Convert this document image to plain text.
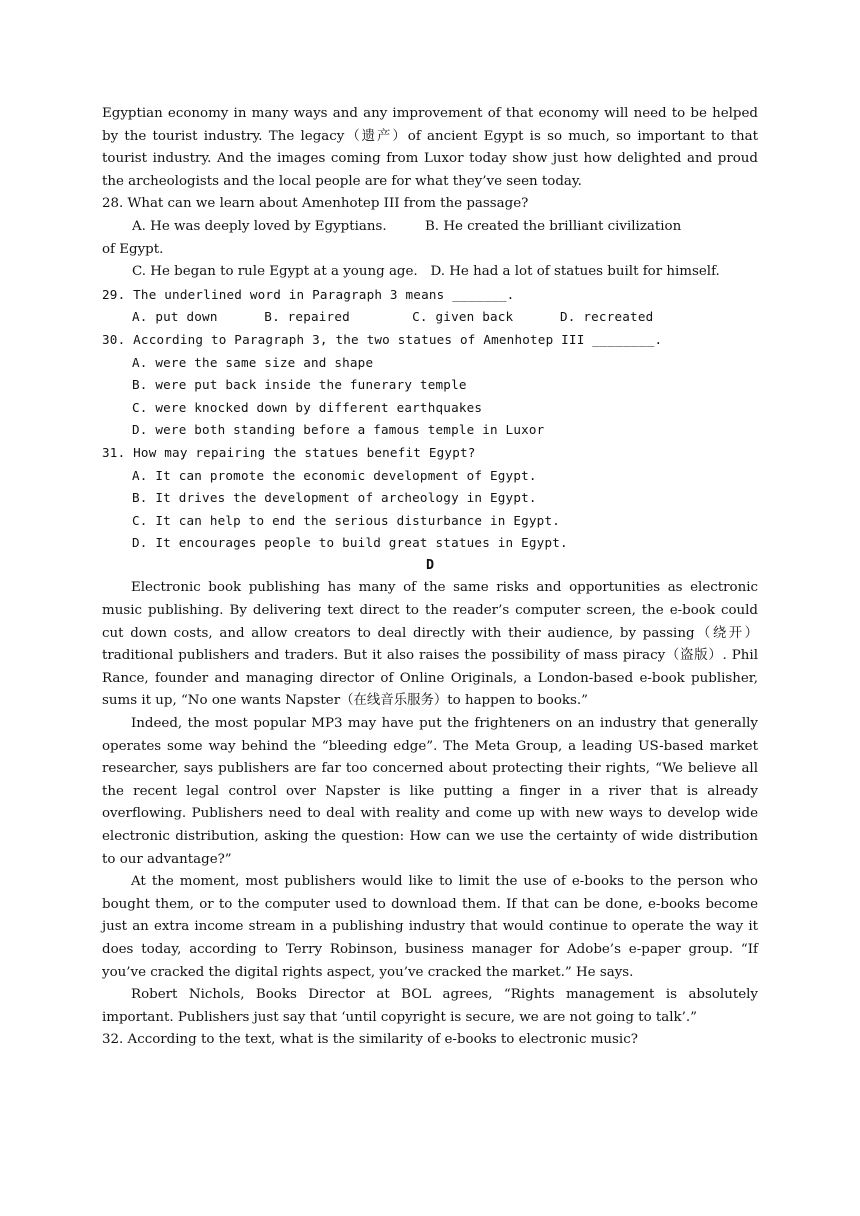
Egyptian economy in many ways and any improvement of that economy will need to be helped by the tourist industry. The legacy（遗产）of ancient Egypt is so much, so important to that tourist industry. And the images coming from Luxor today show just how delighted and proud the archeologists and the local people are for what they’ve seen today.

28. What can we learn about Amenhotep III from the passage?

A. He was deeply loved by Egyptians.         B. He created the brilliant civilization

of Egypt.

C. He began to rule Egypt at a young age.   D. He had a lot of statues built for himself.

29. The underlined word in Paragraph 3 means _______.

A. put down      B. repaired        C. given back      D. recreated

30. According to Paragraph 3, the two statues of Amenhotep III ________.

A. were the same size and shape

B. were put back inside the funerary temple

C. were knocked down by different earthquakes

D. were both standing before a famous temple in Luxor

31. How may repairing the statues benefit Egypt?

A. It can promote the economic development of Egypt.

B. It drives the development of archeology in Egypt.

C. It can help to end the serious disturbance in Egypt.

D. It encourages people to build great statues in Egypt.

D

Electronic book publishing has many of the same risks and opportunities as electronic music publishing. By delivering text direct to the reader’s computer screen, the e-book could cut down costs, and allow creators to deal directly with their audience, by passing（绕开）traditional publishers and traders. But it also raises the possibility of mass piracy（盗版）. Phil Rance, founder and managing director of Online Originals, a London-based e-book publisher, sums it up, “No one wants Napster（在线音乐服务）to happen to books.”

Indeed, the most popular MP3 may have put the frighteners on an industry that generally operates some way behind the “bleeding edge”. The Meta Group, a leading US-based market researcher, says publishers are far too concerned about protecting their rights, “We believe all the recent legal control over Napster is like putting a finger in a river that is already overflowing. Publishers need to deal with reality and come up with new ways to develop wide electronic distribution, asking the question: How can we use the certainty of wide distribution to our advantage?”

At the moment, most publishers would like to limit the use of e-books to the person who bought them, or to the computer used to download them. If that can be done, e-books become just an extra income stream in a publishing industry that would continue to operate the way it does today, according to Terry Robinson, business manager for Adobe’s e-paper group. “If you’ve cracked the digital rights aspect, you’ve cracked the market.” He says.

Robert Nichols, Books Director at BOL agrees, “Rights management is absolutely important. Publishers just say that ‘until copyright is secure, we are not going to talk’.”

32. According to the text, what is the similarity of e-books to electronic music?
